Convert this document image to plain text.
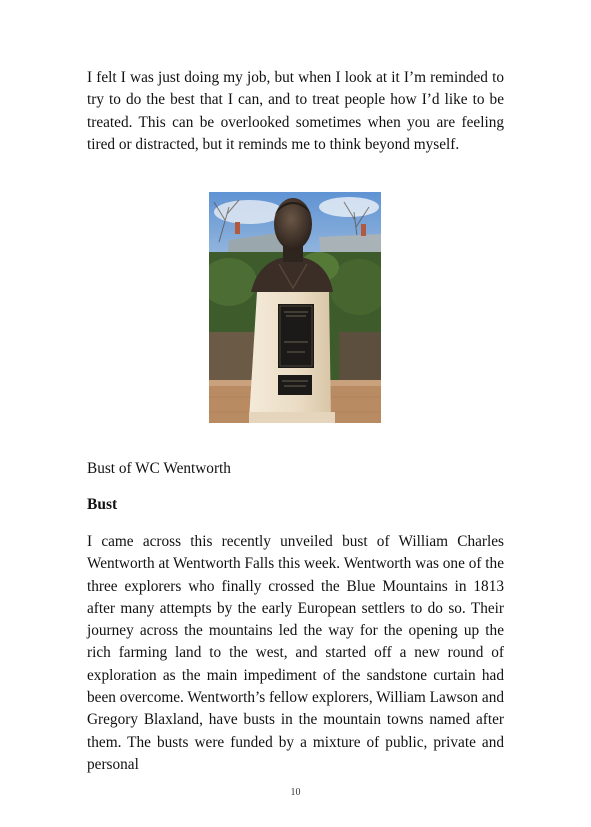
I felt I was just doing my job, but when I look at it I’m reminded to try to do the best that I can, and to treat people how I’d like to be treated. This can be overlooked sometimes when you are feeling tired or distracted, but it reminds me to think beyond myself.

Bust of WC Wentworth

Bust

I came across this recently unveiled bust of William Charles Wentworth at Wentworth Falls this week. Wentworth was one of the three explorers who finally crossed the Blue Mountains in 1813 after many attempts by the early European settlers to do so. Their journey across the mountains led the way for the opening up the rich farming land to the west, and started off a new round of exploration as the main impediment of the sandstone curtain had been overcome. Wentworth’s fellow explorers, William Lawson and Gregory Blaxland, have busts in the mountain towns named after them. The busts were funded by a mixture of public, private and personal

10
